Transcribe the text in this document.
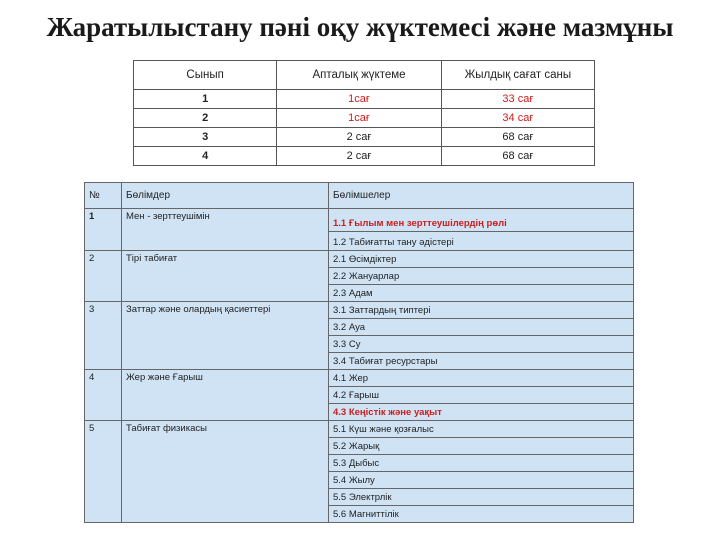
Жаратылыстану пәні оқу жүктемесі және мазмұны
Сынып	Апталық жүктеме	Жылдық сағат саны
1	1сағ	33 сағ
2	1сағ	34 сағ
3	2 сағ	68 сағ
4	2 сағ	68 сағ
№	Бөлімдер	Бөлімшелер
1	Мен - зерттеушімін	1.1 Ғылым мен зерттеушілердің рөлі
		1.2 Табиғатты тану әдістері
2	Тірі табиғат	2.1 Өсімдіктер
		2.2 Жануарлар
		2.3 Адам
3	Заттар және олардың қасиеттері	3.1 Заттардың типтері
		3.2 Ауа
		3.3 Су
		3.4 Табиғат ресурстары
4	Жер және Ғарыш	4.1 Жер
		4.2 Ғарыш
		4.3 Кеңістік және уақыт
5	Табиғат физикасы	5.1 Күш және қозғалыс
		5.2 Жарық
		5.3 Дыбыс
		5.4 Жылу
		5.5 Электрлік
		5.6 Магниттілік
